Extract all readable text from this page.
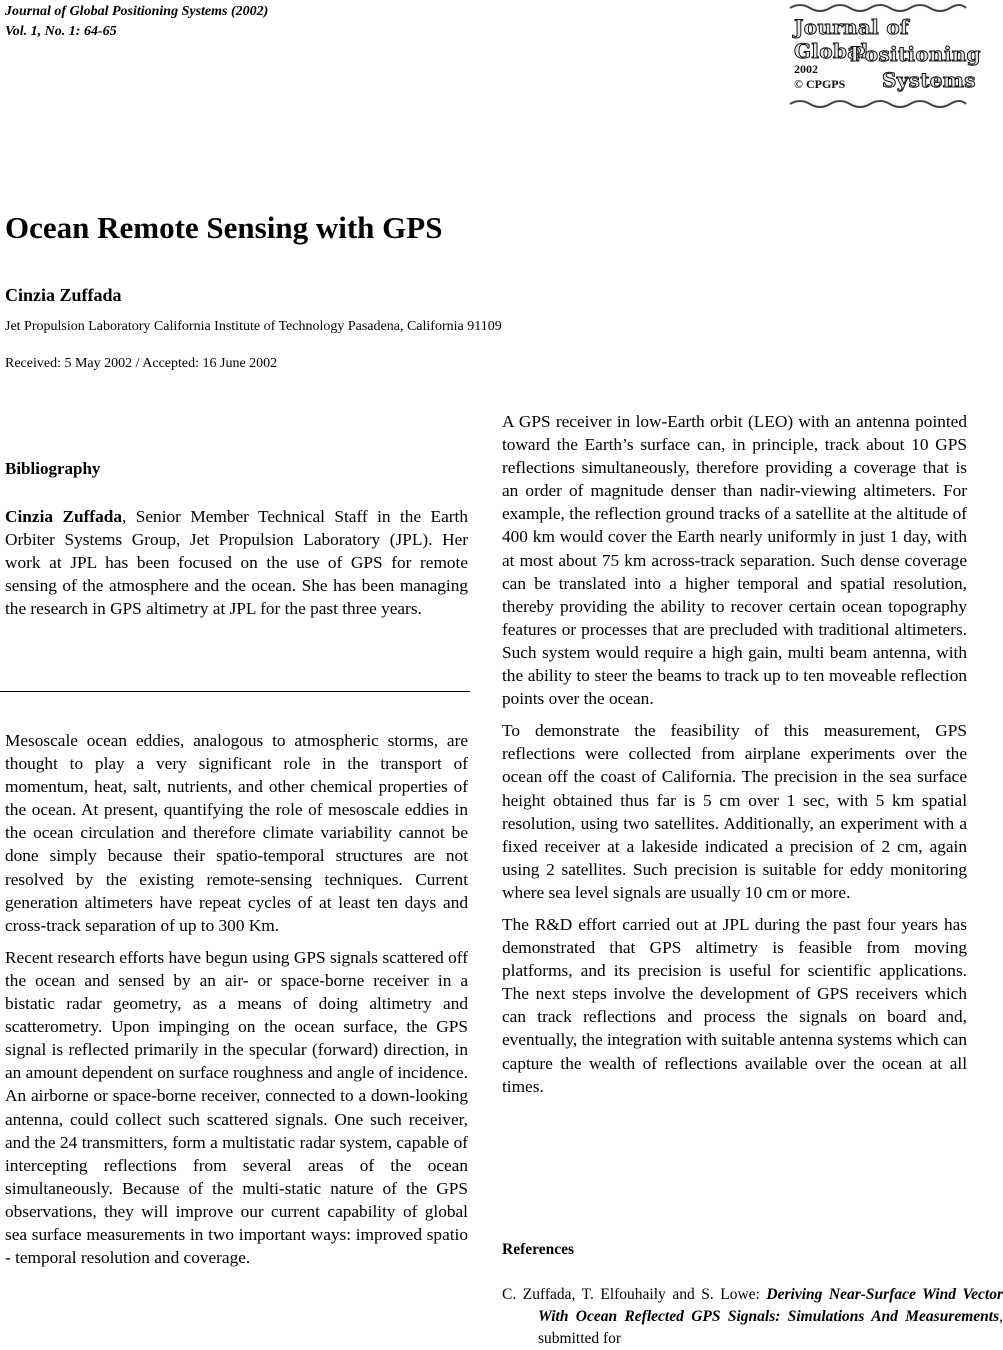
Journal of Global Positioning Systems (2002)
Vol. 1, No. 1: 64-65	Journal of Global
Positioning
Systems
2002
© CPGPS
Ocean Remote Sensing with GPS
Cinzia Zuffada
Jet Propulsion Laboratory California Institute of Technology Pasadena, California 91109
Received: 5 May 2002 / Accepted: 16 June 2002
Bibliography

Cinzia Zuffada, Senior Member Technical Staff in the Earth Orbiter Systems Group, Jet Propulsion Laboratory (JPL). Her work at JPL has been focused on the use of GPS for remote sensing of the atmosphere and the ocean. She has been managing the research in GPS altimetry at JPL for the past three years.

Mesoscale ocean eddies, analogous to atmospheric storms, are thought to play a very significant role in the transport of momentum, heat, salt, nutrients, and other chemical properties of the ocean. At present, quantifying the role of mesoscale eddies in the ocean circulation and therefore climate variability cannot be done simply because their spatio-temporal structures are not resolved by the existing remote-sensing techniques. Current generation altimeters have repeat cycles of at least ten days and cross-track separation of up to 300 Km.

Recent research efforts have begun using GPS signals scattered off the ocean and sensed by an air- or space-borne receiver in a bistatic radar geometry, as a means of doing altimetry and scatterometry. Upon impinging on the ocean surface, the GPS signal is reflected primarily in the specular (forward) direction, in an amount dependent on surface roughness and angle of incidence. An airborne or space-borne receiver, connected to a down-looking antenna, could collect such scattered signals. One such receiver, and the 24 transmitters, form a multistatic radar system, capable of intercepting reflections from several areas of the ocean simultaneously. Because of the multi-static nature of the GPS observations, they will improve our current capability of global sea surface measurements in two important ways: improved spatio - temporal resolution and coverage.

A GPS receiver in low-Earth orbit (LEO) with an antenna pointed toward the Earth’s surface can, in principle, track about 10 GPS reflections simultaneously, therefore providing a coverage that is an order of magnitude denser than nadir-viewing altimeters. For example, the reflection ground tracks of a satellite at the altitude of 400 km would cover the Earth nearly uniformly in just 1 day, with at most about 75 km across-track separation. Such dense coverage can be translated into a higher temporal and spatial resolution, thereby providing the ability to recover certain ocean topography features or processes that are precluded with traditional altimeters. Such system would require a high gain, multi beam antenna, with the ability to steer the beams to track up to ten moveable reflection points over the ocean.

To demonstrate the feasibility of this measurement, GPS reflections were collected from airplane experiments over the ocean off the coast of California. The precision in the sea surface height obtained thus far is 5 cm over 1 sec, with 5 km spatial resolution, using two satellites. Additionally, an experiment with a fixed receiver at a lakeside indicated a precision of 2 cm, again using 2 satellites. Such precision is suitable for eddy monitoring where sea level signals are usually 10 cm or more.

The R&D effort carried out at JPL during the past four years has demonstrated that GPS altimetry is feasible from moving platforms, and its precision is useful for scientific applications. The next steps involve the development of GPS receivers which can track reflections and process the signals on board and, eventually, the integration with suitable antenna systems which can capture the wealth of reflections available over the ocean at all times.

References
C. Zuffada, T. Elfouhaily and S. Lowe: Deriving Near-Surface Wind Vector With Ocean Reflected GPS Signals: Simulations And Measurements, submitted for
